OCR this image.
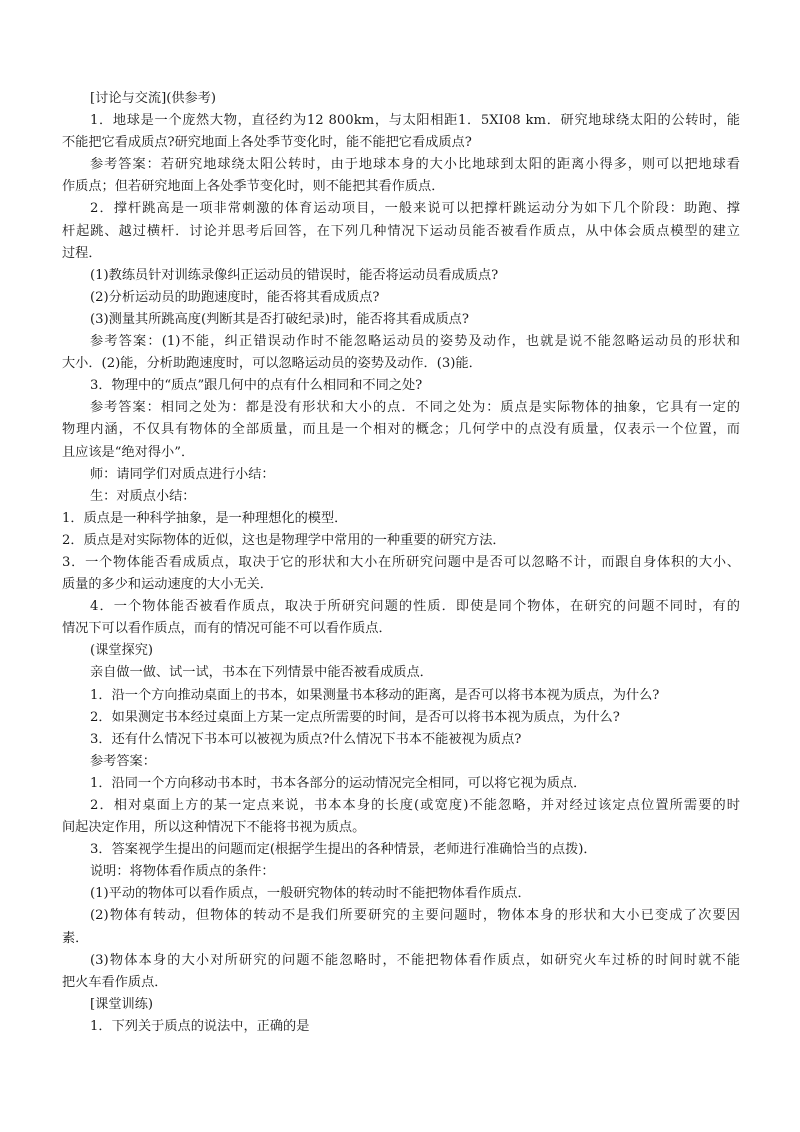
[讨论与交流](供参考)
1．地球是一个庞然大物，直径约为12 800km，与太阳相距1．5XI08 km．研究地球绕太阳的公转时，能
不能把它看成质点?研究地面上各处季节变化时，能不能把它看成质点?
参考答案：若研究地球绕太阳公转时，由于地球本身的大小比地球到太阳的距离小得多，则可以把地球看
作质点；但若研究地面上各处季节变化时，则不能把其看作质点．
2．撑杆跳高是一项非常刺激的体育运动项目，一般来说可以把撑杆跳运动分为如下几个阶段：助跑、撑
杆起跳、越过横杆．讨论并思考后回答，在下列几种情况下运动员能否被看作质点，从中体会质点模型的建立
过程．
(1)教练员针对训练录像纠正运动员的错误时，能否将运动员看成质点?
(2)分析运动员的助跑速度时，能否将其看成质点?
(3)测量其所跳高度(判断其是否打破纪录)时，能否将其看成质点?
参考答案：(1)不能，纠正错误动作时不能忽略运动员的姿势及动作，也就是说不能忽略运动员的形状和
大小．(2)能，分析助跑速度时，可以忽略运动员的姿势及动作．(3)能．
3．物理中的“质点”跟几何中的点有什么相同和不同之处?
参考答案：相同之处为：都是没有形状和大小的点．不同之处为：质点是实际物体的抽象，它具有一定的
物理内涵，不仅具有物体的全部质量，而且是一个相对的概念；几何学中的点没有质量，仅表示一个位置，而
且应该是“绝对得小”．
师：请同学们对质点进行小结：
生：对质点小结：
1．质点是一种科学抽象，是一种理想化的模型．
2．质点是对实际物体的近似，这也是物理学中常用的一种重要的研究方法．
3．一个物体能否看成质点，取决于它的形状和大小在所研究问题中是否可以忽略不计，而跟自身体积的大小、
质量的多少和运动速度的大小无关．
4．一个物体能否被看作质点，取决于所研究问题的性质．即使是同个物体，在研究的问题不同时，有的
情况下可以看作质点，而有的情况可能不可以看作质点．
(课堂探究)
亲自做一做、试一试，书本在下列情景中能否被看成质点．
1．沿一个方向推动桌面上的书本，如果测量书本移动的距离，是否可以将书本视为质点，为什么?
2．如果测定书本经过桌面上方某一定点所需要的时间，是否可以将书本视为质点，为什么?
3．还有什么情况下书本可以被视为质点?什么情况下书本不能被视为质点?
参考答案：
1．沿同一个方向移动书本时，书本各部分的运动情况完全相同，可以将它视为质点．
2．相对桌面上方的某一定点来说，书本本身的长度(或宽度)不能忽略，并对经过该定点位置所需要的时
间起决定作用，所以这种情况下不能将书视为质点。
3．答案视学生提出的问题而定(根据学生提出的各种情景，老师进行准确恰当的点拨)．
说明：将物体看作质点的条件：
(1)平动的物体可以看作质点，一般研究物体的转动时不能把物体看作质点．
(2)物体有转动，但物体的转动不是我们所要研究的主要问题时，物体本身的形状和大小已变成了次要因
素．
(3)物体本身的大小对所研究的问题不能忽略时，不能把物体看作质点，如研究火车过桥的时间时就不能
把火车看作质点．
[课堂训练)
1．下列关于质点的说法中，正确的是
